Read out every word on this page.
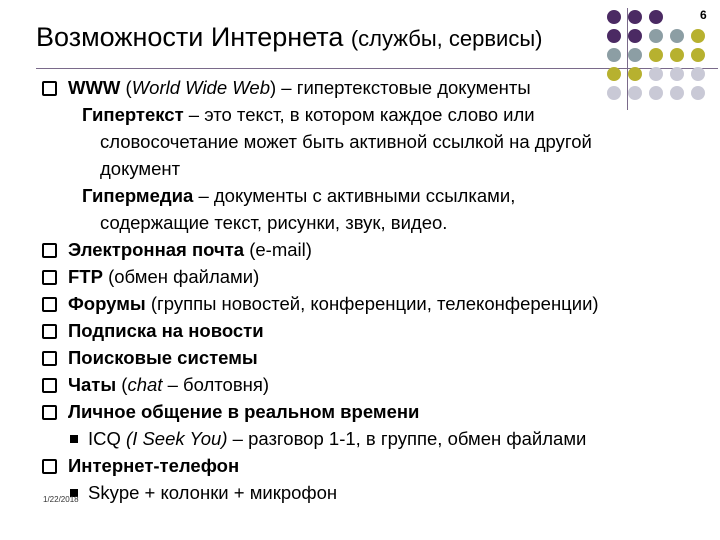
Возможности Интернета (службы, сервисы)
6
WWW (World Wide Web) – гипертекстовые документы
Гипертекст – это текст, в котором каждое слово или
словосочетание может быть активной ссылкой на другой
документ
Гипермедиа – документы с активными ссылками,
содержащие текст, рисунки, звук, видео.
Электронная почта (e-mail)
FTP (обмен файлами)
Форумы (группы новостей, конференции, телеконференции)
Подписка на новости
Поисковые системы
Чаты (chat – болтовня)
Личное общение в реальном времени
ICQ (I Seek You) – разговор 1-1, в группе, обмен файлами
Интернет-телефон
Skype + колонки + микрофон
1/22/2018
